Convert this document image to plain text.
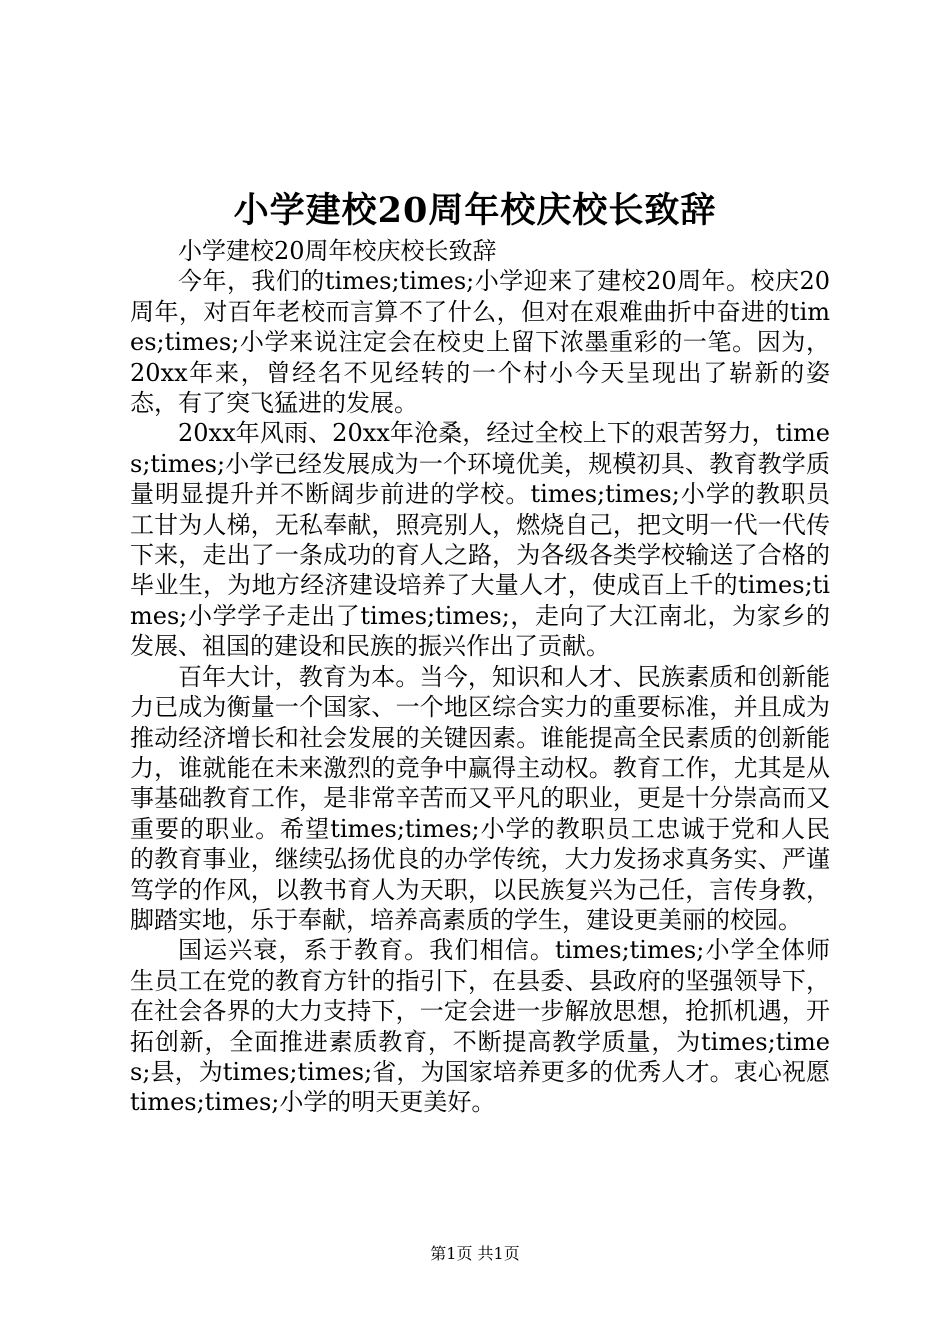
小学建校20周年校庆校长致辞

小学建校20周年校庆校长致辞

今年，我们的times;times;小学迎来了建校20周年。校庆20周年，对百年老校而言算不了什么，但对在艰难曲折中奋进的times;times;小学来说注定会在校史上留下浓墨重彩的一笔。因为，20xx年来，曾经名不见经转的一个村小今天呈现出了崭新的姿态，有了突飞猛进的发展。

20xx年风雨、20xx年沧桑，经过全校上下的艰苦努力，times;times;小学已经发展成为一个环境优美，规模初具、教育教学质量明显提升并不断阔步前进的学校。times;times;小学的教职员工甘为人梯，无私奉献，照亮别人，燃烧自己，把文明一代一代传下来，走出了一条成功的育人之路，为各级各类学校输送了合格的毕业生，为地方经济建设培养了大量人才，使成百上千的times;times;小学学子走出了times;times;，走向了大江南北，为家乡的发展、祖国的建设和民族的振兴作出了贡献。

百年大计，教育为本。当今，知识和人才、民族素质和创新能力已成为衡量一个国家、一个地区综合实力的重要标准，并且成为推动经济增长和社会发展的关键因素。谁能提高全民素质的创新能力，谁就能在未来激烈的竞争中赢得主动权。教育工作，尤其是从事基础教育工作，是非常辛苦而又平凡的职业，更是十分崇高而又重要的职业。希望times;times;小学的教职员工忠诚于党和人民的教育事业，继续弘扬优良的办学传统，大力发扬求真务实、严谨笃学的作风，以教书育人为天职，以民族复兴为己任，言传身教，脚踏实地，乐于奉献，培养高素质的学生，建设更美丽的校园。

国运兴衰，系于教育。我们相信。times;times;小学全体师生员工在党的教育方针的指引下，在县委、县政府的坚强领导下，在社会各界的大力支持下，一定会进一步解放思想，抢抓机遇，开拓创新，全面推进素质教育，不断提高教学质量，为times;times;县，为times;times;省，为国家培养更多的优秀人才。衷心祝愿times;times;小学的明天更美好。

第1页 共1页
